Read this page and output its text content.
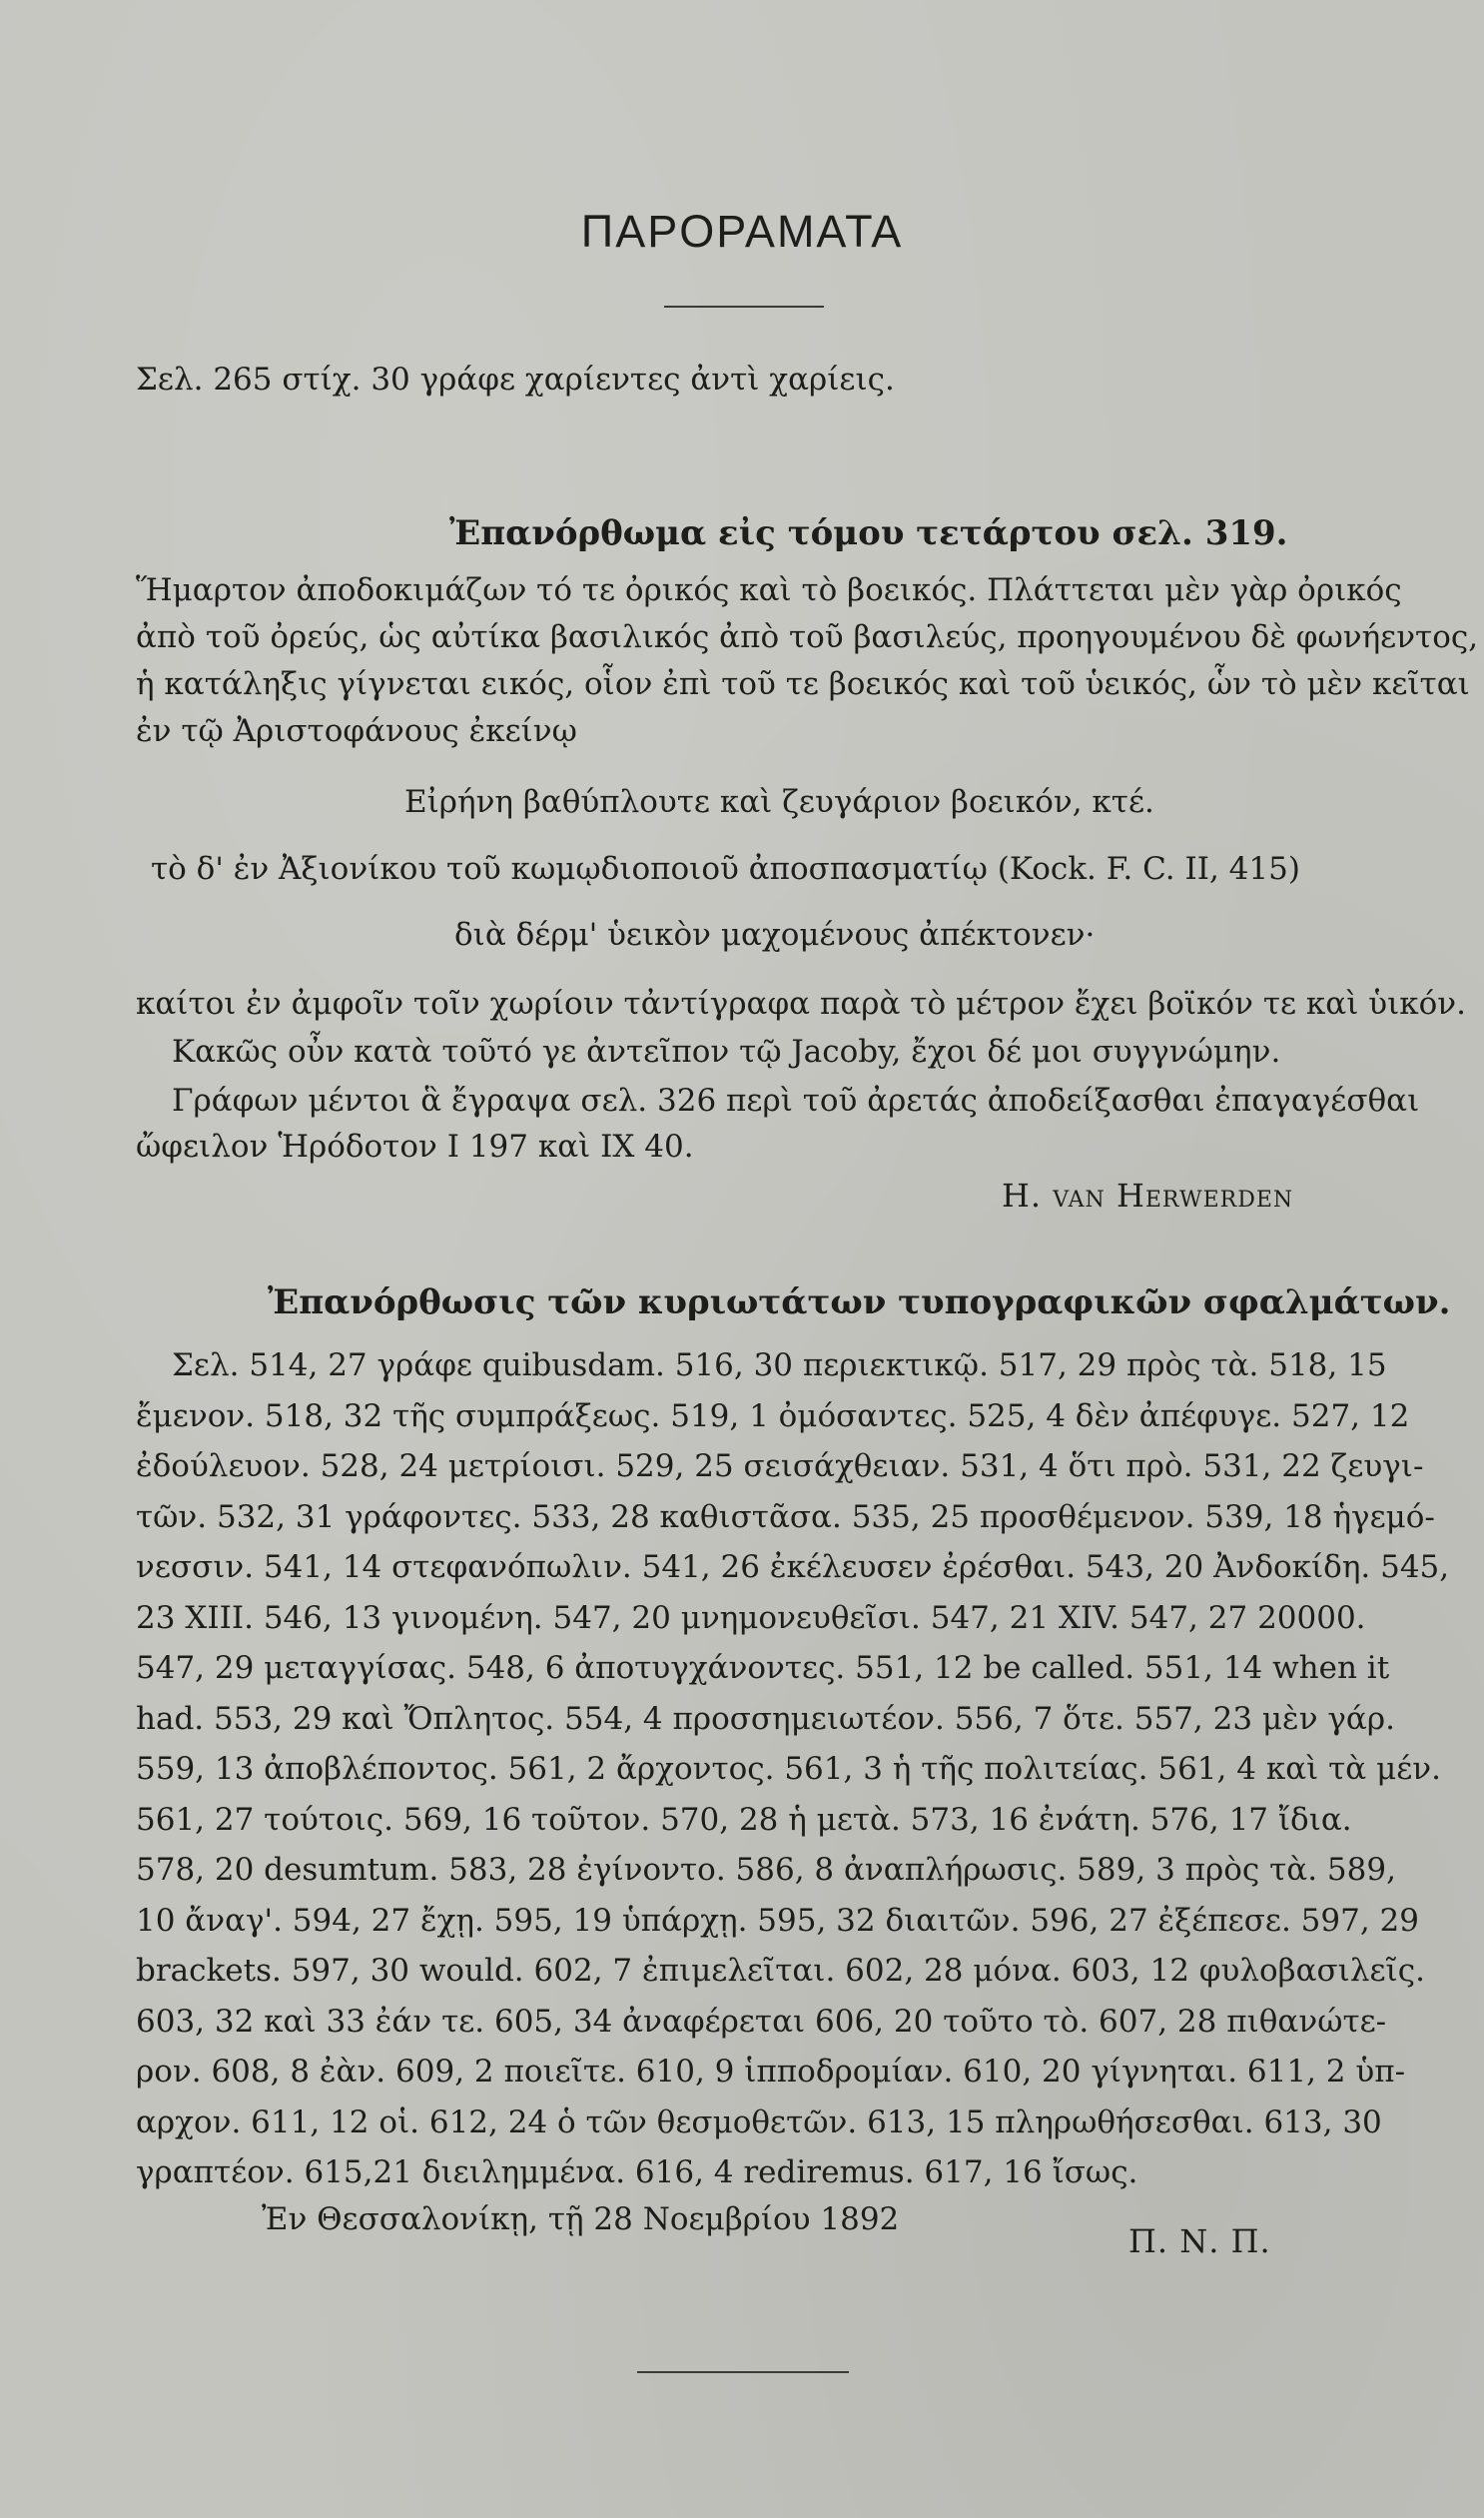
ΠΑΡΟΡΑΜΑΤΑ
Σελ. 265 στίχ. 30 γράφε χαρίεντες ἀντὶ χαρίεις.
Ἐπανόρθωμα εἰς τόμου τετάρτου σελ. 319.
Ἥμαρτον ἀποδοκιμάζων τό τε ὀρικός καὶ τὸ βοεικός. Πλάττεται μὲν γὰρ ὀρικός
ἀπὸ τοῦ ὀρεύς, ὡς αὐτίκα βασιλικός ἀπὸ τοῦ βασιλεύς, προηγουμένου δὲ φωνήεντος,
ἡ κατάληξις γίγνεται εικός, οἷον ἐπὶ τοῦ τε βοεικός καὶ τοῦ ὑεικός, ὧν τὸ μὲν κεῖται
ἐν τῷ Ἀριστοφάνους ἐκείνῳ
Εἰρήνη βαθύπλουτε καὶ ζευγάριον βοεικόν, κτέ.
τὸ δ' ἐν Ἀξιονίκου τοῦ κωμῳδιοποιοῦ ἀποσπασματίῳ (Kock. F. C. II, 415)
διὰ δέρμ' ὑεικὸν μαχομένους ἀπέκτονεν·
καίτοι ἐν ἀμφοῖν τοῖν χωρίοιν τἀντίγραφα παρὰ τὸ μέτρον ἔχει βοϊκόν τε καὶ ὑικόν.
Κακῶς οὖν κατὰ τοῦτό γε ἀντεῖπον τῷ Jacoby, ἔχοι δέ μοι συγγνώμην.
Γράφων μέντοι ἃ ἔγραψα σελ. 326 περὶ τοῦ ἀρετάς ἀποδείξασθαι ἐπαγαγέσθαι
ὤφειλον Ἡρόδοτον Ι 197 καὶ ΙΧ 40.
H. van Herwerden
Ἐπανόρθωσις τῶν κυριωτάτων τυπογραφικῶν σφαλμάτων.

Σελ. 514, 27 γράφε quibusdam. 516, 30 περιεκτικῷ. 517, 29 πρὸς τὰ. 518, 15

ἔμενον. 518, 32 τῆς συμπράξεως. 519, 1 ὀμόσαντες. 525, 4 δὲν ἀπέφυγε. 527, 12

ἐδούλευον. 528, 24 μετρίοισι. 529, 25 σεισάχθειαν. 531, 4 ὅτι πρὸ. 531, 22 ζευγι-

τῶν. 532, 31 γράφοντες. 533, 28 καθιστᾶσα. 535, 25 προσθέμενον. 539, 18 ἡγεμό-

νεσσιν. 541, 14 στεφανόπωλιν. 541, 26 ἐκέλευσεν ἐρέσθαι. 543, 20 Ἀνδοκίδη. 545,

23 XIII. 546, 13 γινομένη. 547, 20 μνημονευθεῖσι. 547, 21 XIV. 547, 27 20000.

547, 29 μεταγγίσας. 548, 6 ἀποτυγχάνοντες. 551, 12 be called. 551, 14 when it

had. 553, 29 καὶ Ὄπλητος. 554, 4 προσσημειωτέον. 556, 7 ὅτε. 557, 23 μὲν γάρ.

559, 13 ἀποβλέποντος. 561, 2 ἄρχοντος. 561, 3 ἡ τῆς πολιτείας. 561, 4 καὶ τὰ μέν.

561, 27 τούτοις. 569, 16 τοῦτον. 570, 28 ἡ μετὰ. 573, 16 ἐνάτη. 576, 17 ἴδια.

578, 20 desumtum. 583, 28 ἐγίνοντο. 586, 8 ἀναπλήρωσις. 589, 3 πρὸς τὰ. 589,

10 ἄναγ'. 594, 27 ἔχῃ. 595, 19 ὑπάρχῃ. 595, 32 διαιτῶν. 596, 27 ἐξέπεσε. 597, 29

brackets. 597, 30 would. 602, 7 ἐπιμελεῖται. 602, 28 μόνα. 603, 12 φυλοβασιλεῖς.

603, 32 καὶ 33 ἐάν τε. 605, 34 ἀναφέρεται 606, 20 τοῦτο τὸ. 607, 28 πιθανώτε-

ρον. 608, 8 ἐὰν. 609, 2 ποιεῖτε. 610, 9 ἱπποδρομίαν. 610, 20 γίγνηται. 611, 2 ὑπ-

αρχον. 611, 12 οἱ. 612, 24 ὁ τῶν θεσμοθετῶν. 613, 15 πληρωθήσεσθαι. 613, 30

γραπτέον. 615,21 διειλημμένα. 616, 4 rediremus. 617, 16 ἴσως.

Ἐν Θεσσαλονίκῃ, τῇ 28 Νοεμβρίου 1892
Π. Ν. Π.
